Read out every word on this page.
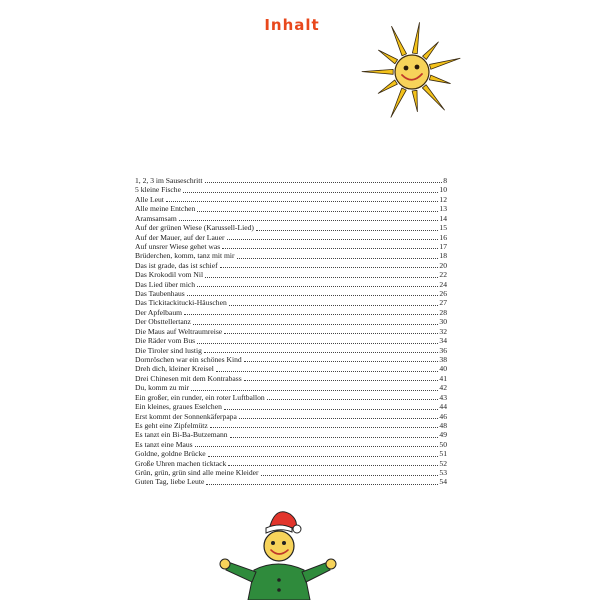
Inhalt
1, 2, 3 im Sauseschritt	8
5 kleine Fische	10
Alle Leut	12
Alle meine Entchen	13
Aramsamsam	14
Auf der grünen Wiese (Karussell-Lied)	15
Auf der Mauer, auf der Lauer	16
Auf unsrer Wiese gehet was	17
Brüderchen, komm, tanz mit mir	18
Das ist grade, das ist schief	20
Das Krokodil vom Nil	22
Das Lied über mich	24
Das Taubenhaus	26
Das Tickitackitucki-Häuschen	27
Der Apfelbaum	28
Der Obsttellertanz	30
Die Maus auf Weltraumreise	32
Die Räder vom Bus	34
Die Tiroler sind lustig	36
Dornröschen war ein schönes Kind	38
Dreh dich, kleiner Kreisel	40
Drei Chinesen mit dem Kontrabass	41
Du, komm zu mir	42
Ein großer, ein runder, ein roter Luftballon	43
Ein kleines, graues Eselchen	44
Erst kommt der Sonnenkäferpapa	46
Es geht eine Zipfelmütz	48
Es tanzt ein Bi-Ba-Butzemann	49
Es tanzt eine Maus	50
Goldne, goldne Brücke	51
Große Uhren machen ticktack	52
Grün, grün, grün sind alle meine Kleider	53
Guten Tag, liebe Leute	54
